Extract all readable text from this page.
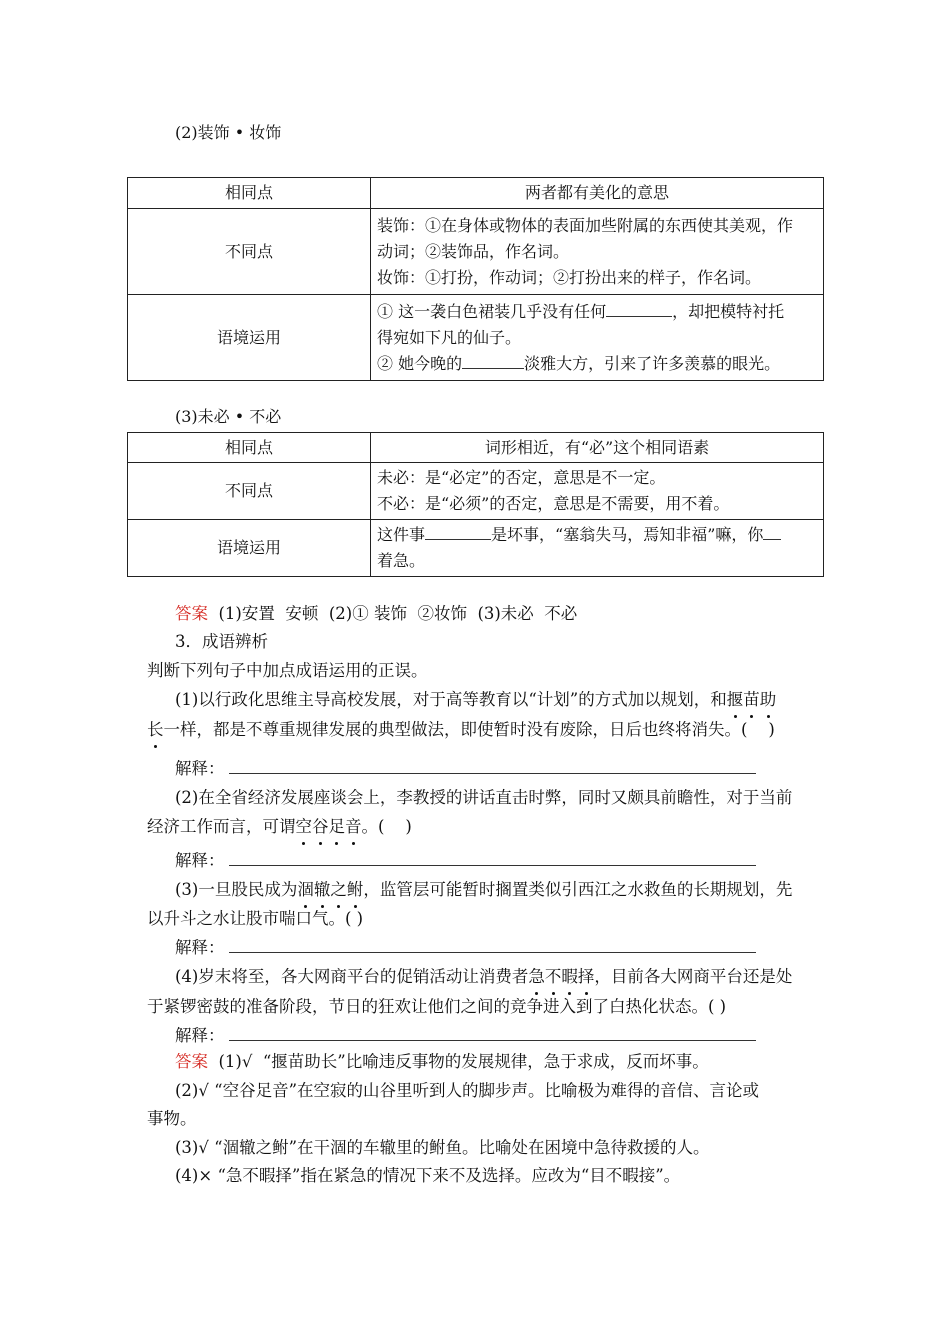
(2)装饰 • 妆饰
相同点	两者都有美化的意思
不同点	装饰：①在身体或物体的表面加些附属的东西使其美观，作
动词；②装饰品，作名词。
妆饰：①打扮，作动词；②打扮出来的样子，作名词。

语境运用	① 这一袭白色裙装几乎没有任何 ，却把模特衬托
得宛如下凡的仙子。
② 她今晚的 淡雅大方，引来了许多羡慕的眼光。
(3)未必 • 不必
相同点	词形相近，有“必”这个相同语素
不同点	未必：是“必定”的否定，意思是不一定。
不必：是“必须”的否定，意思是不需要，用不着。

语境运用	这件事 是坏事，“塞翁失马，焉知非福”嘛，你
着急。
答案  (1)安置  安顿  (2)① 装饰  ②妆饰  (3)未必  不必
3．成语辨析
判断下列句子中加点成语运用的正误。
(1)以行政化思维主导高校发展，对于高等教育以“计划”的方式加以规划，和揠苗助
长一样，都是不尊重规律发展的典型做法，即使暂时没有废除，日后也终将消失。(    )
解释：
(2)在全省经济发展座谈会上，李教授的讲话直击时弊，同时又颇具前瞻性，对于当前
经济工作而言，可谓空谷足音。(    )
解释：
(3)一旦股民成为涸辙之鲋，监管层可能暂时搁置类似引西江之水救鱼的长期规划，先
以升斗之水让股市喘口气。( )
解释：
(4)岁末将至，各大网商平台的促销活动让消费者急不暇择，目前各大网商平台还是处
于紧锣密鼓的准备阶段，节日的狂欢让他们之间的竞争进入到了白热化状态。( )
解释：
答案  (1)√  “揠苗助长”比喻违反事物的发展规律，急于求成，反而坏事。
(2)√ “空谷足音”在空寂的山谷里听到人的脚步声。比喻极为难得的音信、言论或
事物。
(3)√ “涸辙之鲋”在干涸的车辙里的鲋鱼。比喻处在困境中急待救援的人。
(4)× “急不暇择”指在紧急的情况下来不及选择。应改为“目不暇接”。
